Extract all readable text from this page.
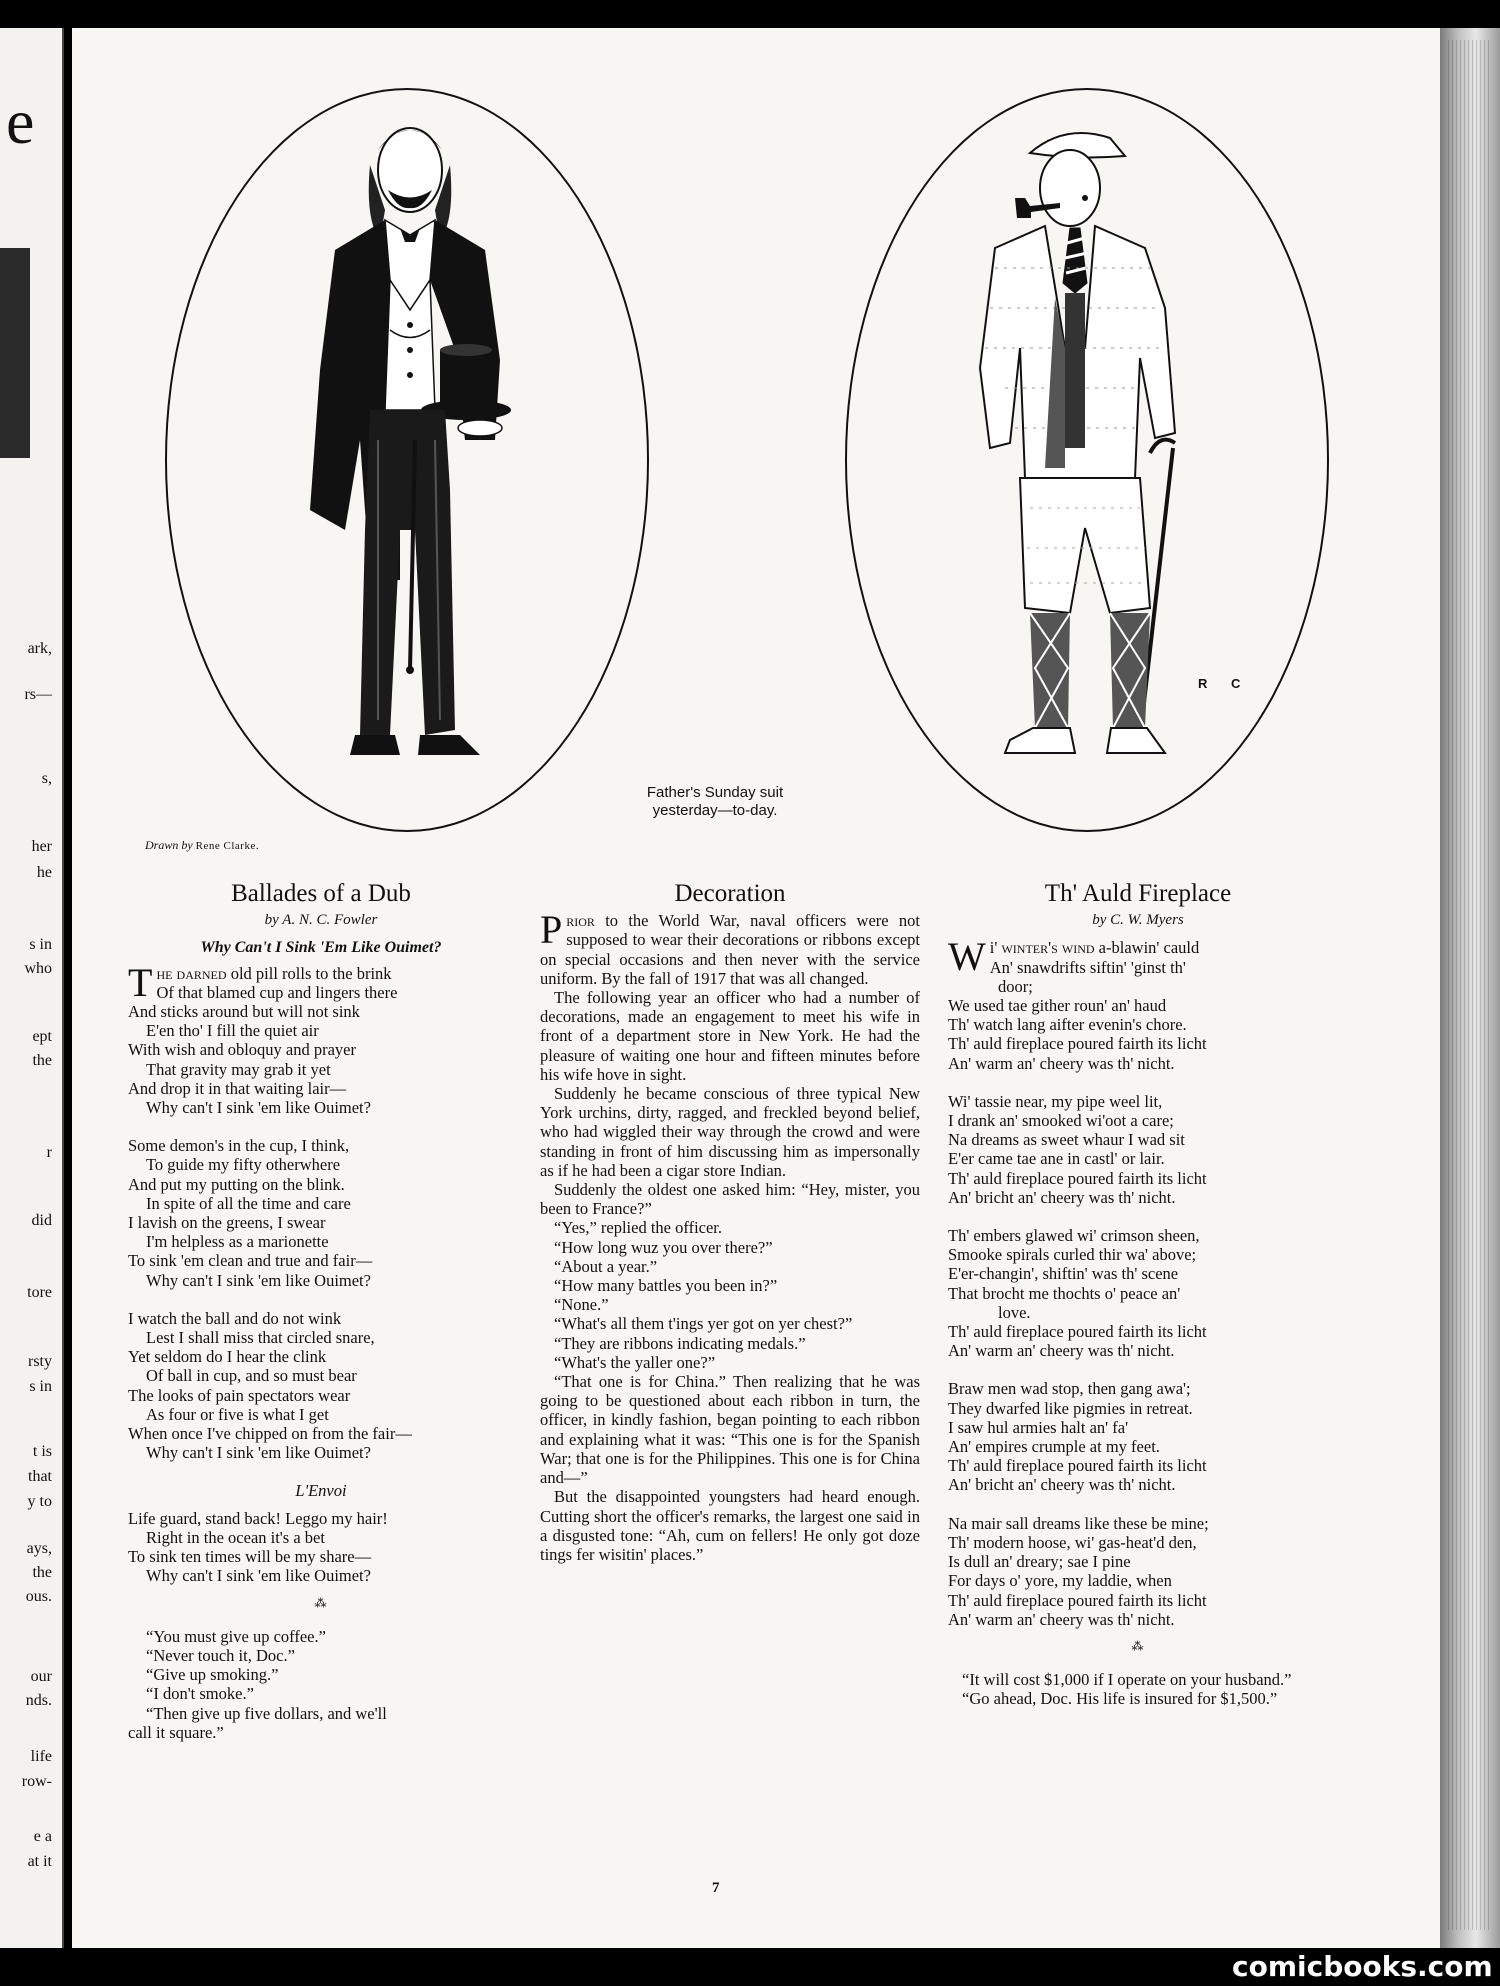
e
ark,
rs—
s,
her
he
s in
who
ept
the
r
did
tore
rsty
s in
t is
that
y to
ays,
the
ous.
our
nds.
life
row-
e a
at it
R C
Father's Sunday suit
yesterday—to-day.
Drawn by Rene Clarke.
Ballades of a Dub
by A. N. C. Fowler
Why Can't I Sink 'Em Like Ouimet?
The darned old pill rolls to the brink
Of that blamed cup and lingers there
And sticks around but will not sink
E'en tho' I fill the quiet air
With wish and obloquy and prayer
That gravity may grab it yet
And drop it in that waiting lair—
Why can't I sink 'em like Ouimet?
Some demon's in the cup, I think,
To guide my fifty otherwhere
And put my putting on the blink.
In spite of all the time and care
I lavish on the greens, I swear
I'm helpless as a marionette
To sink 'em clean and true and fair—
Why can't I sink 'em like Ouimet?
I watch the ball and do not wink
Lest I shall miss that circled snare,
Yet seldom do I hear the clink
Of ball in cup, and so must bear
The looks of pain spectators wear
As four or five is what I get
When once I've chipped on from the fair—
Why can't I sink 'em like Ouimet?
L'Envoi
Life guard, stand back! Leggo my hair!
Right in the ocean it's a bet
To sink ten times will be my share—
Why can't I sink 'em like Ouimet?
⁂
“You must give up coffee.”
“Never touch it, Doc.”
“Give up smoking.”
“I don't smoke.”
“Then give up five dollars, and we'll
call it square.”
Decoration

Prior to the World War, naval officers were not supposed to wear their decorations or ribbons except on special occasions and then never with the service uniform. By the fall of 1917 that was all changed.

The following year an officer who had a number of decorations, made an engagement to meet his wife in front of a department store in New York. He had the pleasure of waiting one hour and fifteen minutes before his wife hove in sight.

Suddenly he became conscious of three typical New York urchins, dirty, ragged, and freckled beyond belief, who had wiggled their way through the crowd and were standing in front of him discussing him as impersonally as if he had been a cigar store Indian.

Suddenly the oldest one asked him: “Hey, mister, you been to France?”

“Yes,” replied the officer.

“How long wuz you over there?”

“About a year.”

“How many battles you been in?”

“None.”

“What's all them t'ings yer got on yer chest?”

“They are ribbons indicating medals.”

“What's the yaller one?”

“That one is for China.” Then realizing that he was going to be questioned about each ribbon in turn, the officer, in kindly fashion, began pointing to each ribbon and explaining what it was: “This one is for the Spanish War; that one is for the Philippines. This one is for China and—”

But the disappointed youngsters had heard enough. Cutting short the officer's remarks, the largest one said in a disgusted tone: “Ah, cum on fellers! He only got doze tings fer wisitin' places.”

Th' Auld Fireplace
by C. W. Myers
Wi' winter's wind a-blawin' cauld
An' snawdrifts siftin' 'ginst th'
door;
We used tae gither roun' an' haud
Th' watch lang aifter evenin's chore.
Th' auld fireplace poured fairth its licht
An' warm an' cheery was th' nicht.
Wi' tassie near, my pipe weel lit,
I drank an' smooked wi'oot a care;
Na dreams as sweet whaur I wad sit
E'er came tae ane in castl' or lair.
Th' auld fireplace poured fairth its licht
An' bricht an' cheery was th' nicht.
Th' embers glawed wi' crimson sheen,
Smooke spirals curled thir wa' above;
E'er-changin', shiftin' was th' scene
That brocht me thochts o' peace an'
love.
Th' auld fireplace poured fairth its licht
An' warm an' cheery was th' nicht.
Braw men wad stop, then gang awa';
They dwarfed like pigmies in retreat.
I saw hul armies halt an' fa'
An' empires crumple at my feet.
Th' auld fireplace poured fairth its licht
An' bricht an' cheery was th' nicht.
Na mair sall dreams like these be mine;
Th' modern hoose, wi' gas-heat'd den,
Is dull an' dreary; sae I pine
For days o' yore, my laddie, when
Th' auld fireplace poured fairth its licht
An' warm an' cheery was th' nicht.
⁂

“It will cost $1,000 if I operate on your husband.”

“Go ahead, Doc. His life is insured for $1,500.”

7
comicbooks.com
